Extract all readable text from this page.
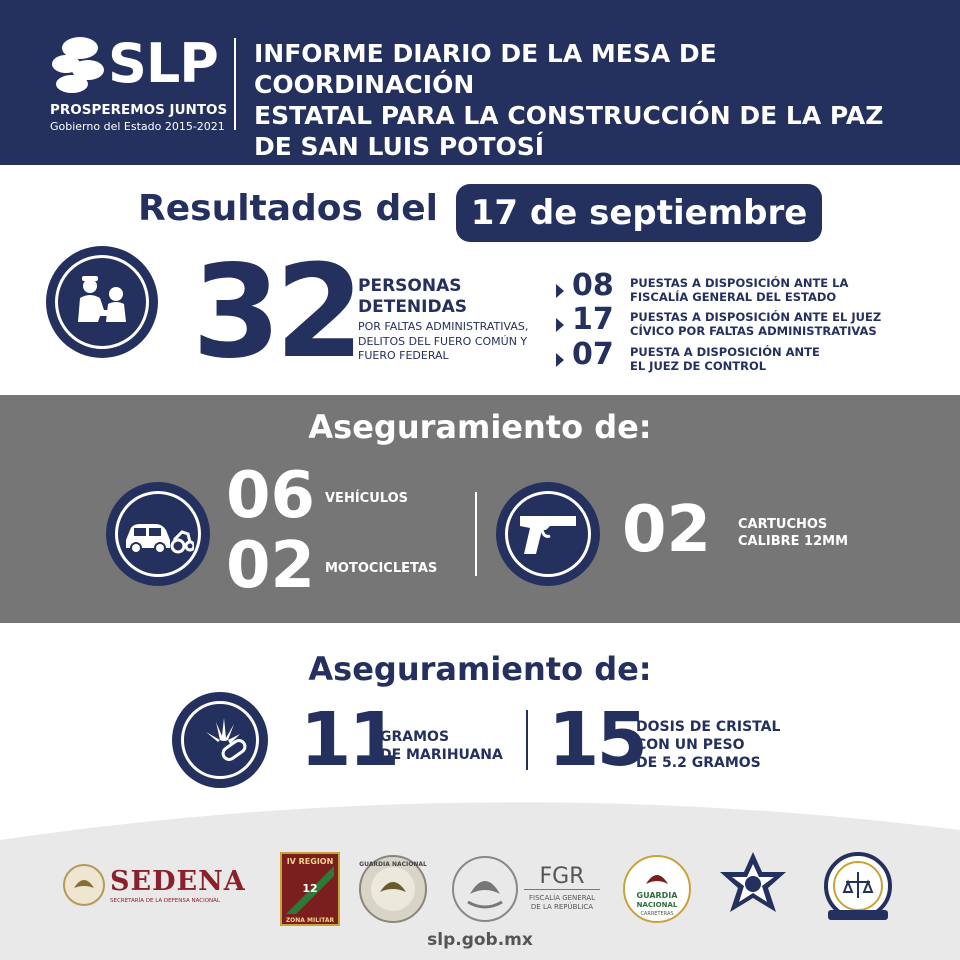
SLP
PROSPEREMOS JUNTOS
Gobierno del Estado 2015-2021
INFORME DIARIO DE LA MESA DE COORDINACIÓN
ESTATAL PARA LA CONSTRUCCIÓN DE LA PAZ
DE SAN LUIS POTOSÍ
Resultados del 17 de septiembre
32 PERSONAS
DETENIDAS
POR FALTAS ADMINISTRATIVAS,
DELITOS DEL FUERO COMÚN Y
FUERO FEDERAL
08 PUESTAS A DISPOSICIÓN ANTE LA
FISCALÍA GENERAL DEL ESTADO
17 PUESTAS A DISPOSICIÓN ANTE EL JUEZ
CÍVICO POR FALTAS ADMINISTRATIVAS
07 PUESTA A DISPOSICIÓN ANTE
EL JUEZ DE CONTROL
Aseguramiento de:
06 VEHÍCULOS
02 MOTOCICLETAS
02 CARTUCHOS
CALIBRE 12MM
Aseguramiento de:
11
GRAMOS
DE MARIHUANA 15
DOSIS DE CRISTAL
CON UN PESO
DE 5.2 GRAMOS
SEDENA
SECRETARÍA DE LA DEFENSA NACIONAL
IV REGION
12
ZONA MILITAR
GUARDIA NACIONAL	FGR
FISCALÍA GENERAL
DE LA REPÚBLICA
GUARDIA
NACIONAL
CARRETERAS
slp.gob.mx
